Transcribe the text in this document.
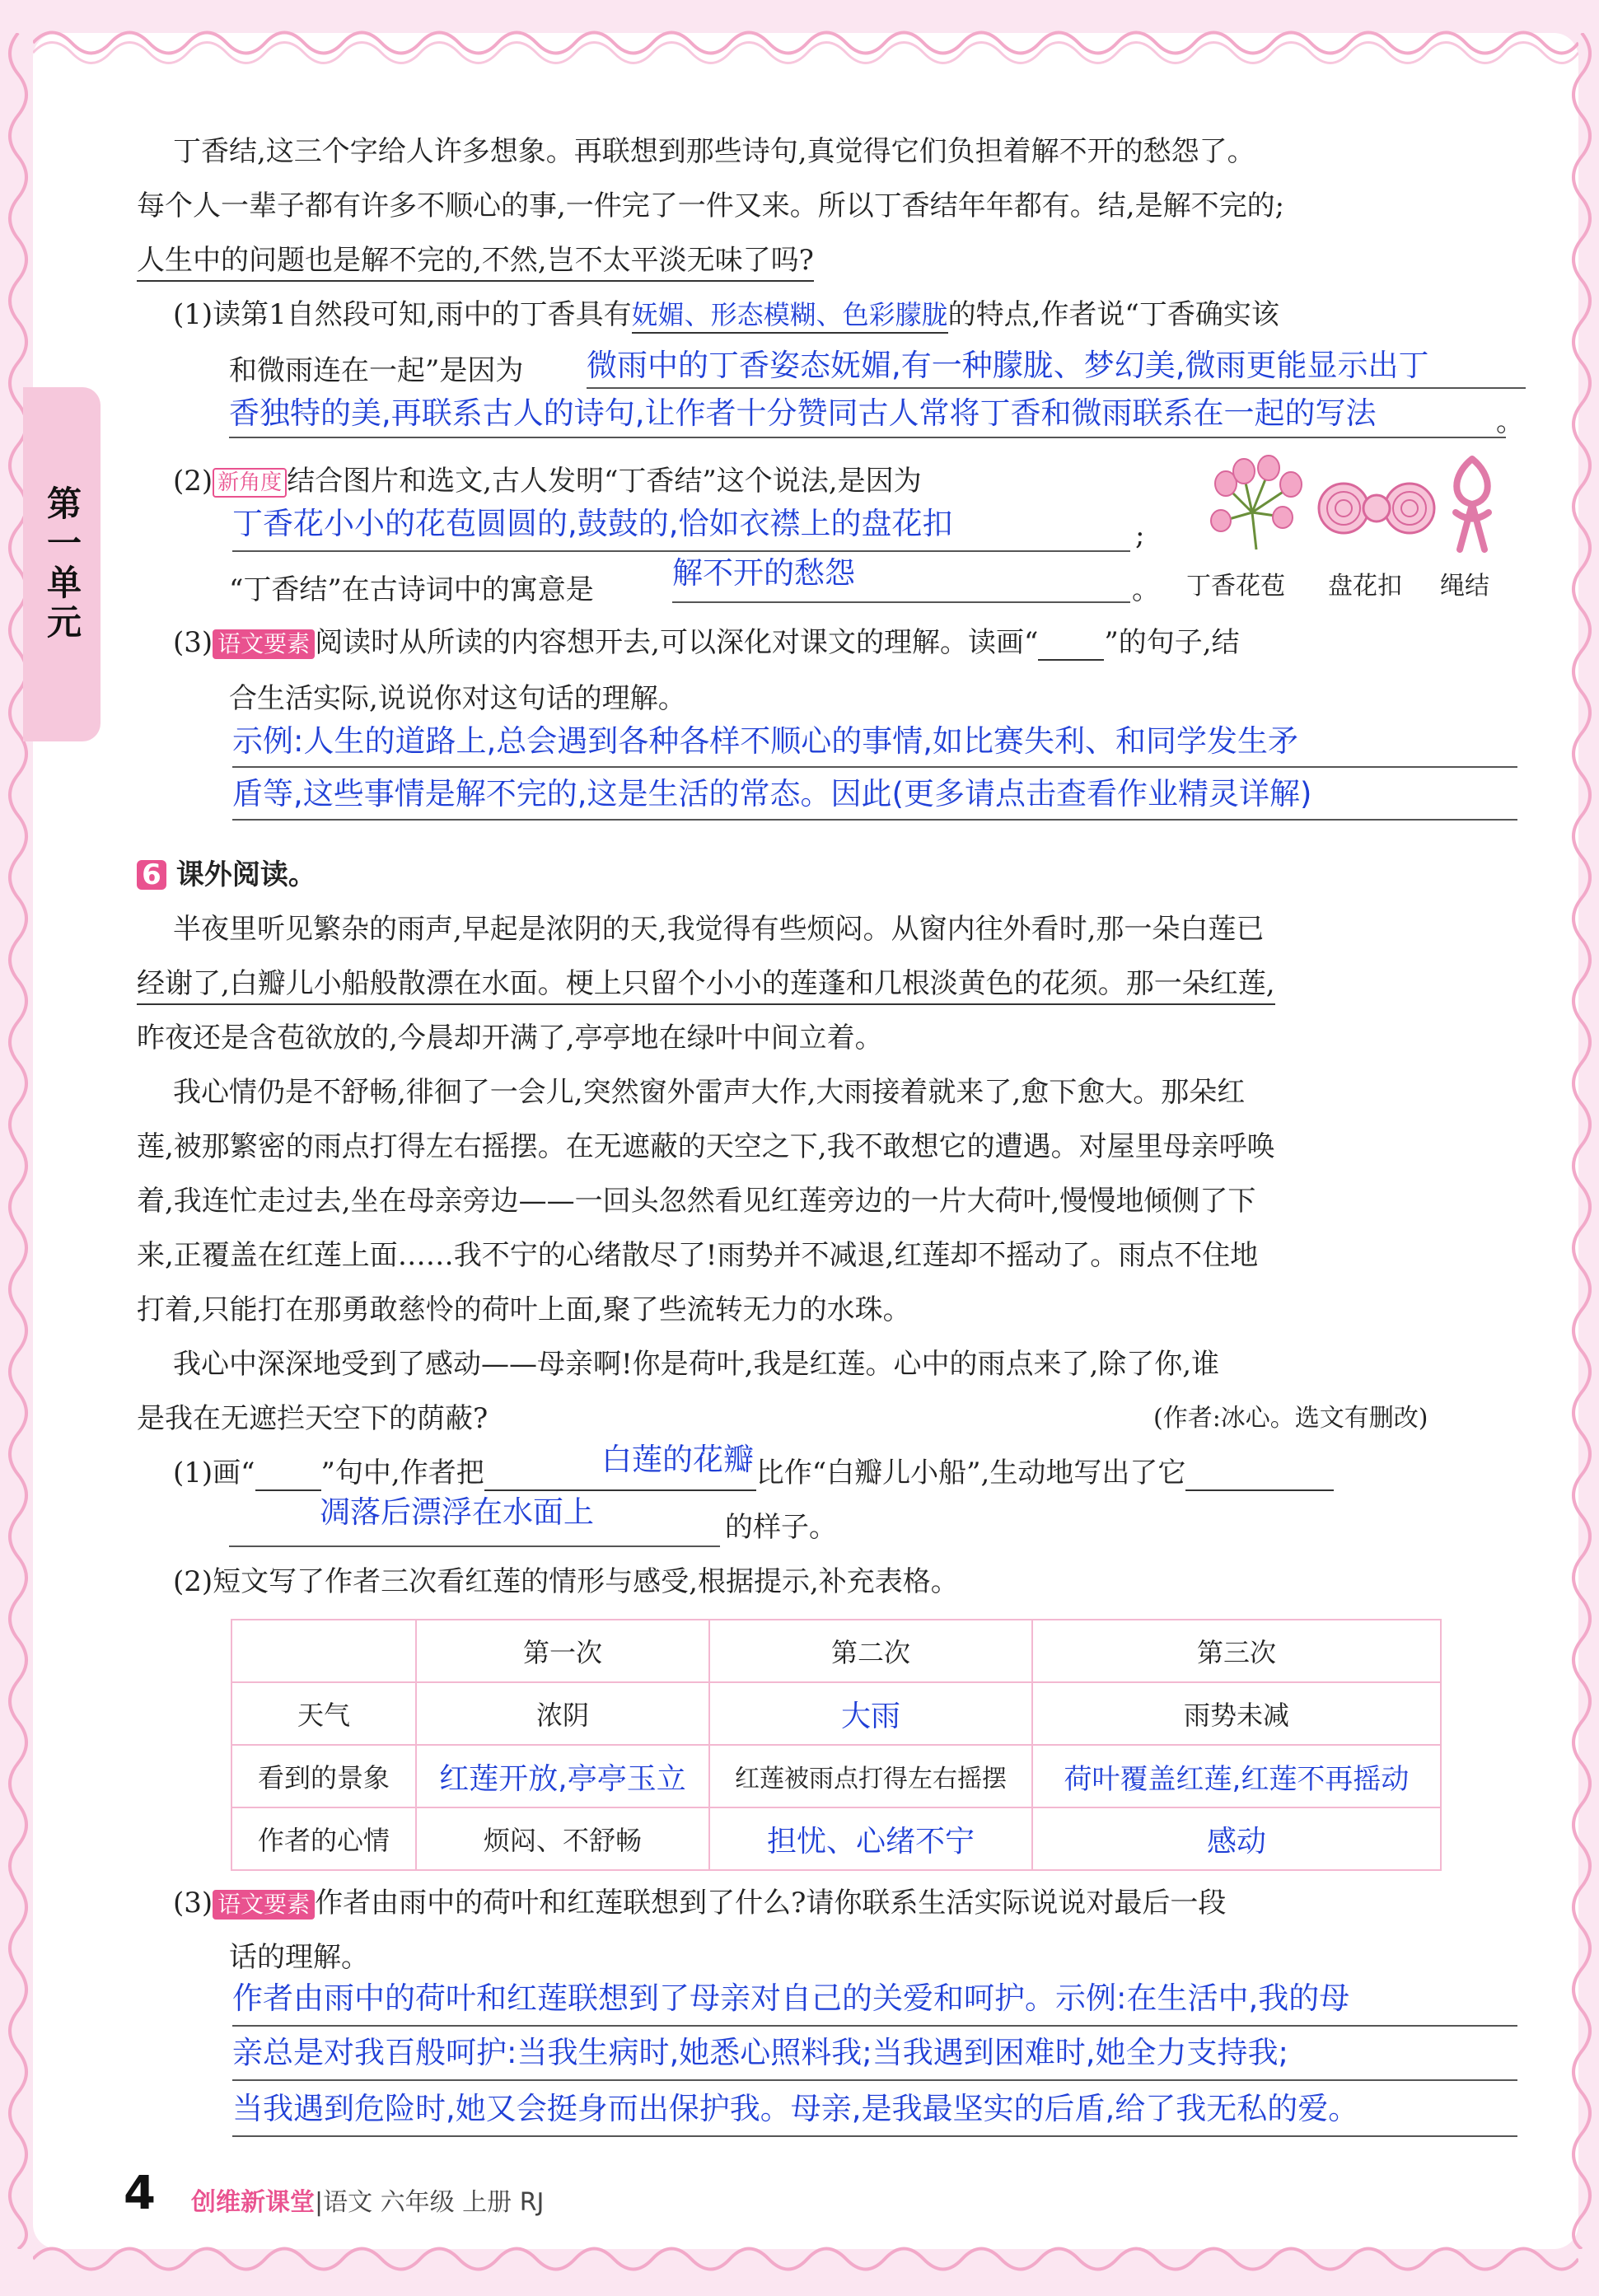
第一单元
丁香结,这三个字给人许多想象。再联想到那些诗句,真觉得它们负担着解不开的愁怨了。
每个人一辈子都有许多不顺心的事,一件完了一件又来。所以丁香结年年都有。结,是解不完的;
人生中的问题也是解不完的,不然,岂不太平淡无味了吗?
(1)读第1自然段可知,雨中的丁香具有妩媚、形态模糊、色彩朦胧的特点,作者说“丁香确实该
和微雨连在一起”是因为 微雨中的丁香姿态妩媚,有一种朦胧、梦幻美,微雨更能显示出丁
香独特的美,再联系古人的诗句,让作者十分赞同古人常将丁香和微雨联系在一起的写法	。
(2) 新角度 结合图片和选文,古人发明“丁香结”这个说法,是因为
丁香花小小的花苞圆圆的,鼓鼓的,恰如衣襟上的盘花扣	;
“丁香结”在古诗词中的寓意是	解不开的愁怨	。 丁香花苞 盘花扣 绳结
(3) 语文要素 阅读时从所读的内容想开去,可以深化对课文的理解。读画“ ”的句子,结
合生活实际,说说你对这句话的理解。
示例:人生的道路上,总会遇到各种各样不顺心的事情,如比赛失利、和同学发生矛
盾等,这些事情是解不完的,这是生活的常态。因此(更多请点击查看作业精灵详解)
6 课外阅读。
半夜里听见繁杂的雨声,早起是浓阴的天,我觉得有些烦闷。从窗内往外看时,那一朵白莲已
经谢了,白瓣儿小船般散漂在水面。梗上只留个小小的莲蓬和几根淡黄色的花须。那一朵红莲,
昨夜还是含苞欲放的,今晨却开满了,亭亭地在绿叶中间立着。
我心情仍是不舒畅,徘徊了一会儿,突然窗外雷声大作,大雨接着就来了,愈下愈大。那朵红
莲,被那繁密的雨点打得左右摇摆。在无遮蔽的天空之下,我不敢想它的遭遇。对屋里母亲呼唤
着,我连忙走过去,坐在母亲旁边——一回头忽然看见红莲旁边的一片大荷叶,慢慢地倾侧了下
来,正覆盖在红莲上面……我不宁的心绪散尽了!雨势并不减退,红莲却不摇动了。雨点不住地
打着,只能打在那勇敢慈怜的荷叶上面,聚了些流转无力的水珠。
我心中深深地受到了感动——母亲啊!你是荷叶,我是红莲。心中的雨点来了,除了你,谁
是我在无遮拦天空下的荫蔽?	(作者:冰心。选文有删改)
(1)画“ ”句中,作者把	比作“白瓣儿小船”,生动地写出了它
白莲的花瓣
凋落后漂浮在水面上	的样子。
(2)短文写了作者三次看红莲的情形与感受,根据提示,补充表格。
	第一次	第二次	第三次
天气	浓阴	大雨	雨势未减
看到的景象	红莲开放,亭亭玉立	红莲被雨点打得左右摇摆	荷叶覆盖红莲,红莲不再摇动
作者的心情	烦闷、不舒畅	担忧、心绪不宁	感动
(3) 语文要素 作者由雨中的荷叶和红莲联想到了什么?请你联系生活实际说说对最后一段
话的理解。
作者由雨中的荷叶和红莲联想到了母亲对自己的关爱和呵护。示例:在生活中,我的母
亲总是对我百般呵护:当我生病时,她悉心照料我;当我遇到困难时,她全力支持我;
当我遇到危险时,她又会挺身而出保护我。母亲,是我最坚实的后盾,给了我无私的爱。
4 创维新课堂|语文 六年级 上册 RJ
